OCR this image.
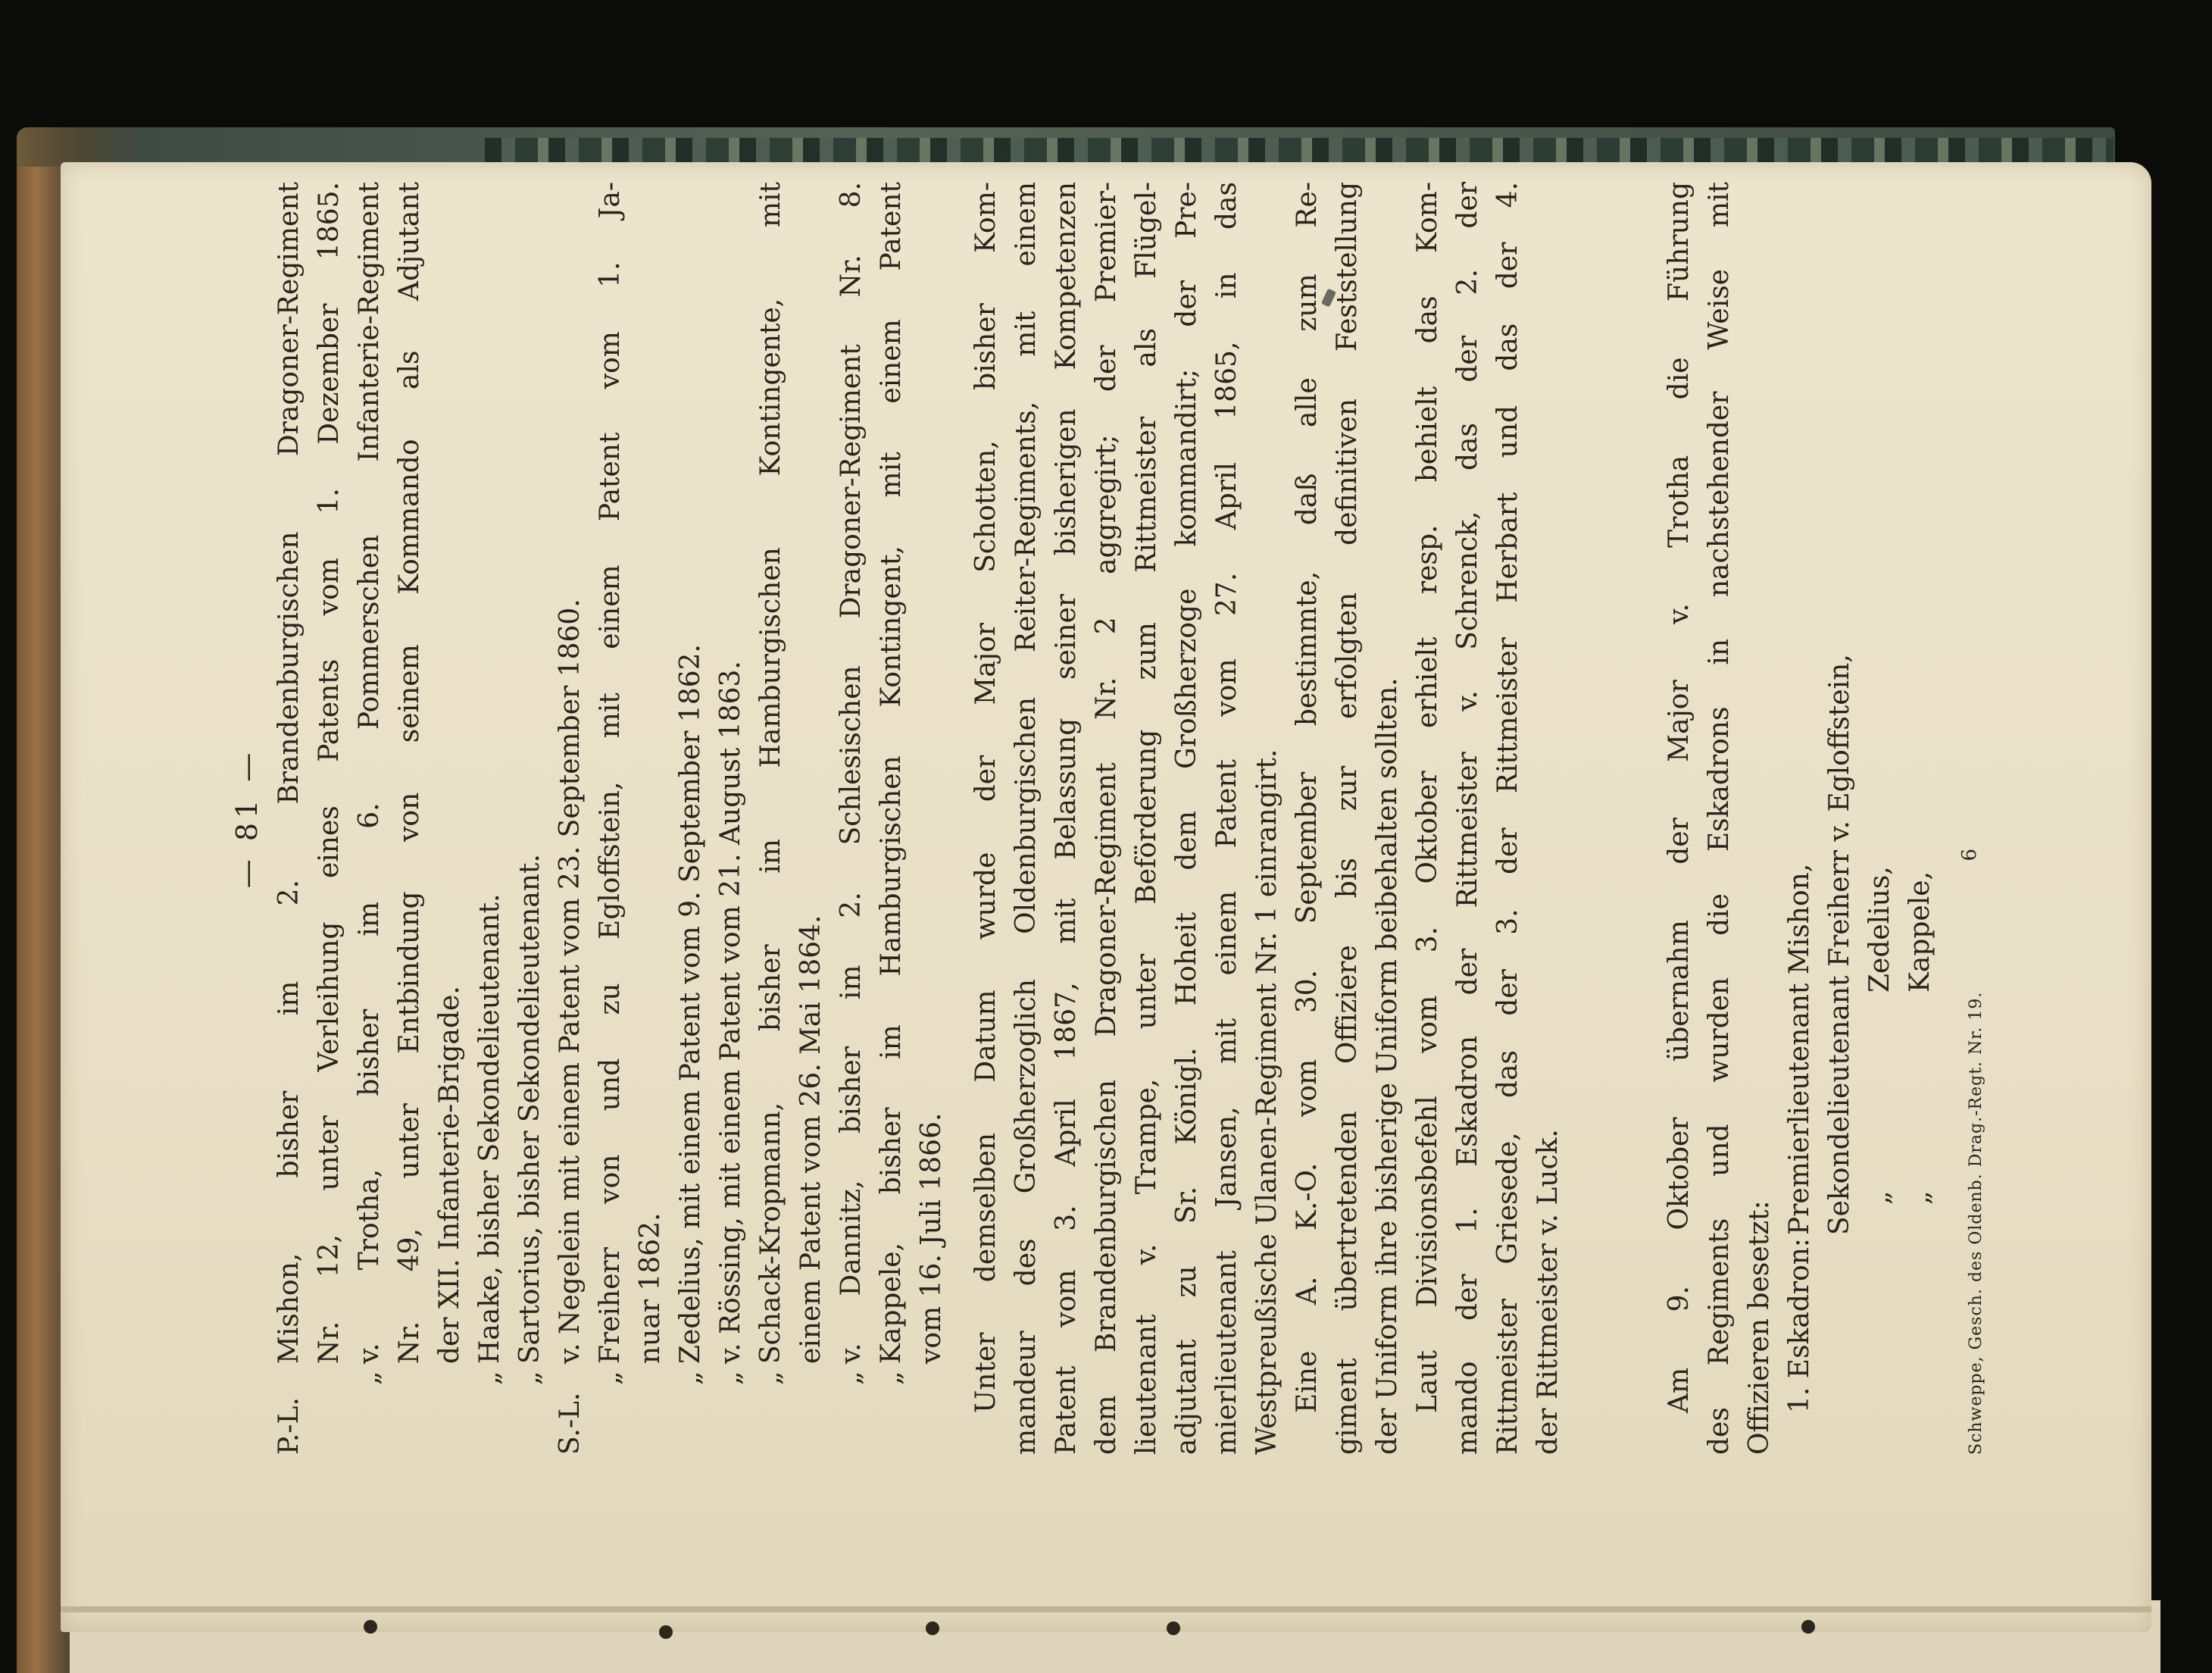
— 81 —
P.-L.
Mishon, bisher im 2. Brandenburgischen Dragoner-Regiment Nr. 12, unter Verleihung eines Patents vom 1. Dezember 1865.
„
v. Trotha, bisher im 6. Pommerschen Infanterie-Regiment Nr. 49, unter Entbindung von seinem Kommando als Adjutant der XII. Infanterie-Brigade.
„
Haake, bisher Sekondelieutenant.
„
Sartorius, bisher Sekondelieutenant.
S.-L.
v. Negelein mit einem Patent vom 23. September 1860.
„
Freiherr von und zu Egloffstein, mit einem Patent vom 1. Ja- nuar 1862.
„
Zedelius, mit einem Patent vom 9. September 1862.
„
v. Rössing, mit einem Patent vom 21. August 1863.
„
Schack-Kropmann, bisher im Hamburgischen Kontingente, mit einem Patent vom 26. Mai 1864.
„
v. Dannitz, bisher im 2. Schlesischen Dragoner-Regiment Nr. 8.
„
Kappele, bisher im Hamburgischen Kontingent, mit einem Patent vom 16. Juli 1866. Unter demselben Datum wurde der Major Schotten, bisher Kom- mandeur des Großherzoglich Oldenburgischen Reiter-Regiments, mit einem Patent vom 3. April 1867, mit Belassung seiner bisherigen Kompetenzen dem Brandenburgischen Dragoner-Regiment Nr. 2 aggregirt; der Premier- lieutenant v. Trampe, unter Beförderung zum Rittmeister als Flügel- adjutant zu Sr. Königl. Hoheit dem Großherzoge kommandirt; der Pre- mierlieutenant Jansen, mit einem Patent vom 27. April 1865, in das Westpreußische Ulanen-Regiment Nr. 1 einrangirt. Eine A. K.-O. vom 30. September bestimmte, daß alle zum Re- giment übertretenden Offiziere bis zur erfolgten definitiven Feststellung der Uniform ihre bisherige Uniform beibehalten sollten. Laut Divisionsbefehl vom 3. Oktober erhielt resp. behielt das Kom- mando der 1. Eskadron der Rittmeister v. Schrenck, das der 2. der Rittmeister Griesede, das der 3. der Rittmeister Herbart und das der 4. der Rittmeister v. Luck.	Am 9. Oktober übernahm der Major v. Trotha die Führung des Regiments und wurden die Eskadrons in nachstehender Weise mit Offizieren besetzt: 1. Eskadron:
Premierlieutenant Mishon, Sekondelieutenant Freiherr v. Egloffstein, „
Zedelius,
„
Kappele,
Schweppe, Gesch. des Oldenb. Drag.-Regt. Nr. 19.
6
